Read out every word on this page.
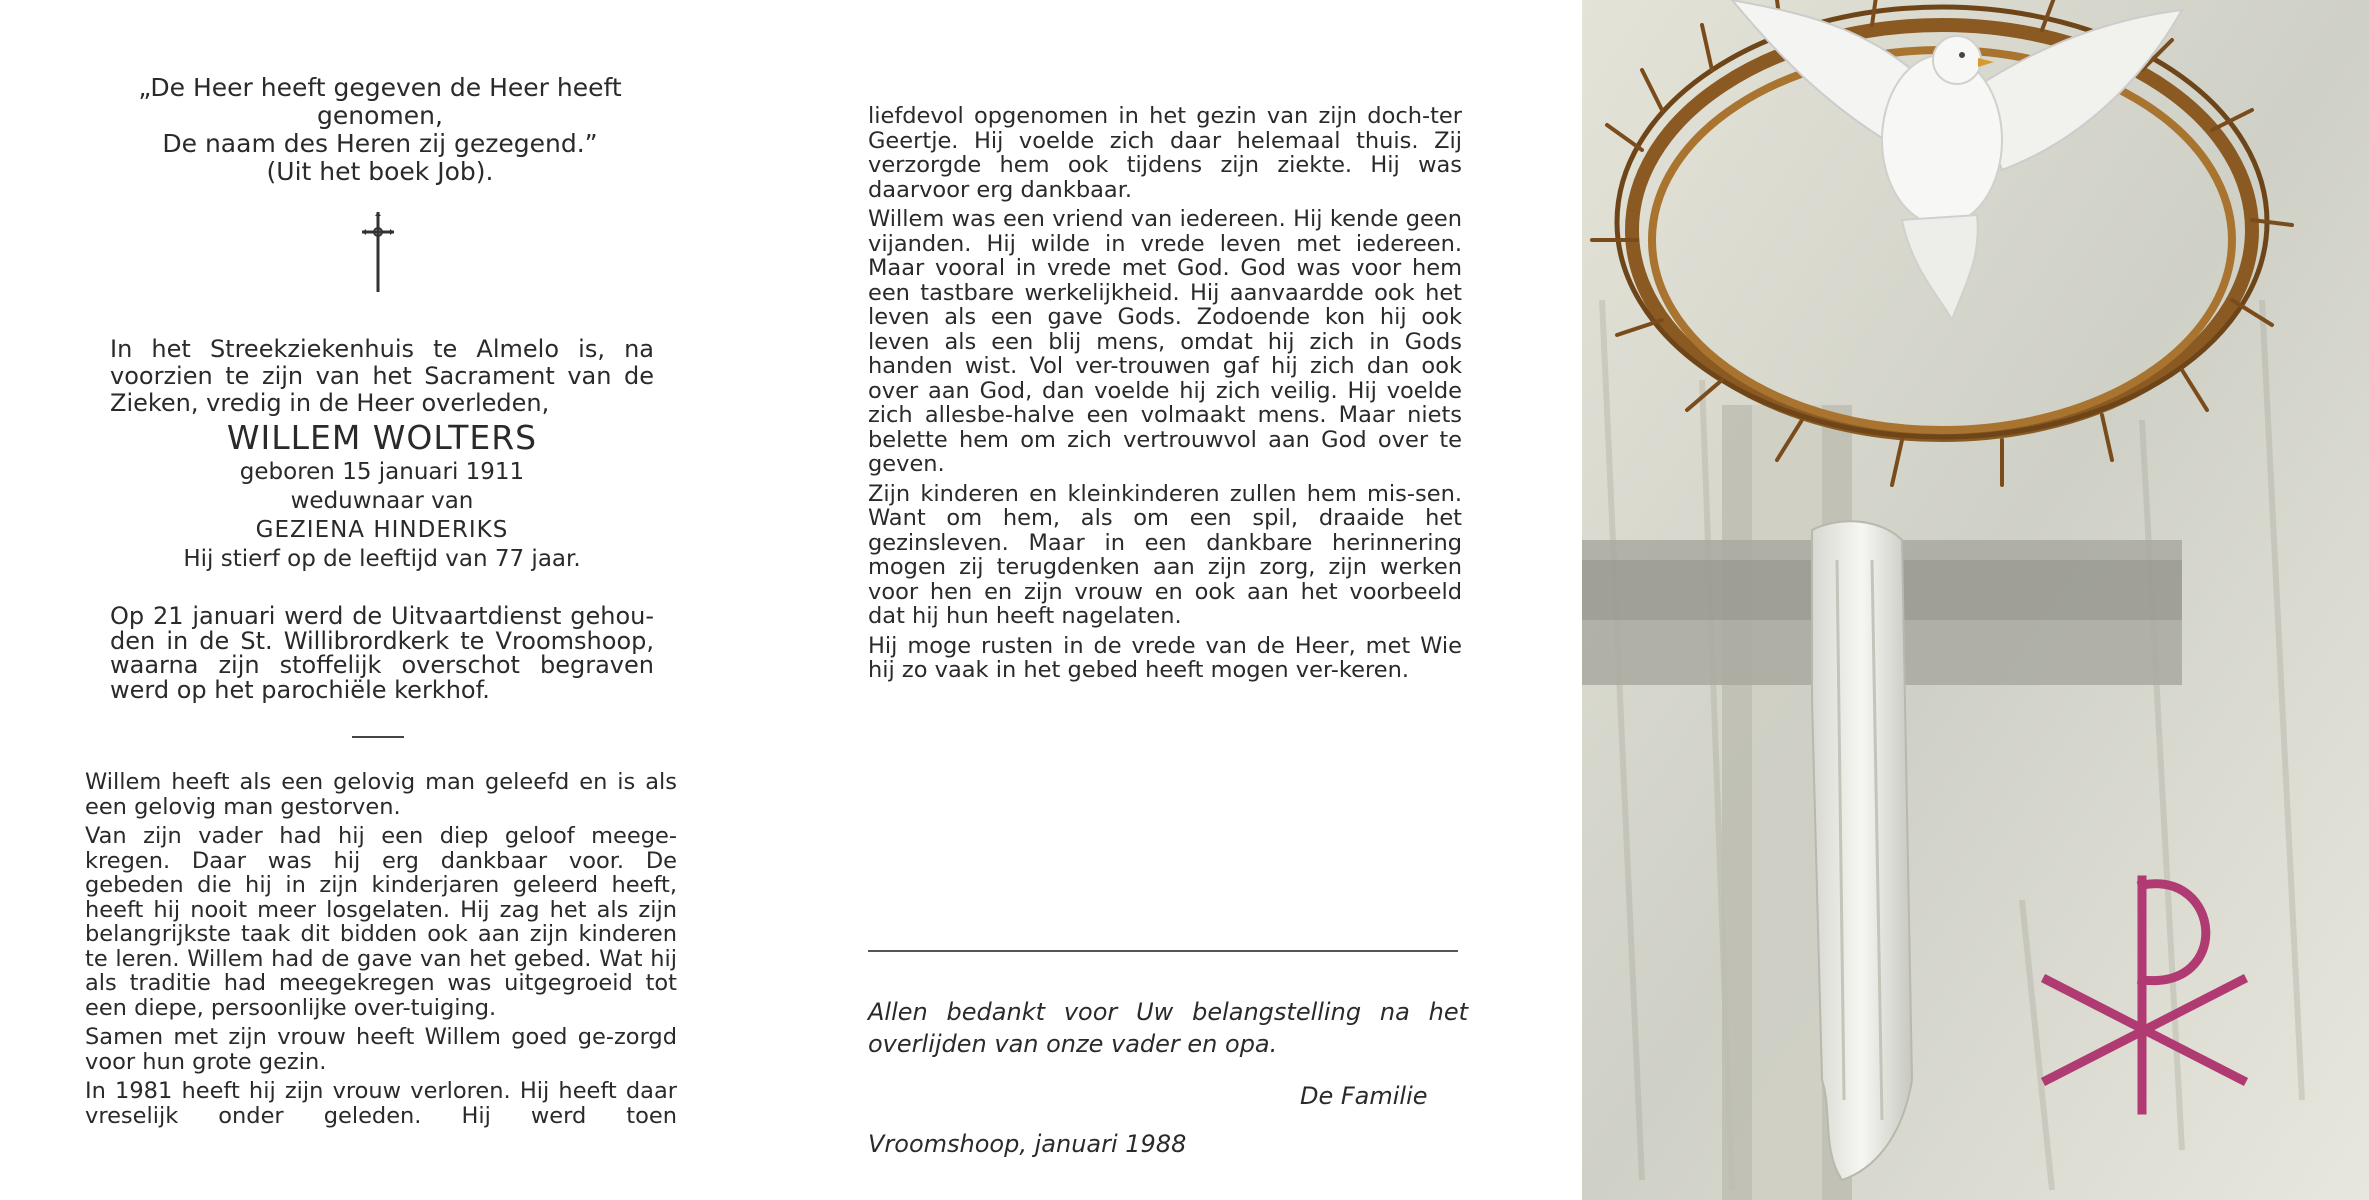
„De Heer heeft gegeven de Heer heeft genomen,
De naam des Heren zij gezegend.”
(Uit het boek Job).
In het Streekziekenhuis te Almelo is, na
voorzien te zijn van het Sacrament van de
Zieken, vredig in de Heer overleden,
WILLEM WOLTERS
geboren 15 januari 1911
weduwnaar van
GEZIENA HINDERIKS
Hij stierf op de leeftijd van 77 jaar.
Op 21 januari werd de Uitvaartdienst gehou-
den in de St. Willibrordkerk te Vroomshoop,
waarna zijn stoffelijk overschot begraven
werd op het parochiële kerkhof.

Willem heeft als een gelovig man geleefd en is als een gelovig man gestorven.

Van zijn vader had hij een diep geloof meege-kregen. Daar was hij erg dankbaar voor. De gebeden die hij in zijn kinderjaren geleerd heeft, heeft hij nooit meer losgelaten. Hij zag het als zijn belangrijkste taak dit bidden ook aan zijn kinderen te leren. Willem had de gave van het gebed. Wat hij als traditie had meegekregen was uitgegroeid tot een diepe, persoonlijke over-tuiging.

Samen met zijn vrouw heeft Willem goed ge-zorgd voor hun grote gezin.

In 1981 heeft hij zijn vrouw verloren. Hij heeft daar vreselijk onder geleden. Hij werd toen

liefdevol opgenomen in het gezin van zijn doch-ter Geertje. Hij voelde zich daar helemaal thuis. Zij verzorgde hem ook tijdens zijn ziekte. Hij was daarvoor erg dankbaar.

Willem was een vriend van iedereen. Hij kende geen vijanden. Hij wilde in vrede leven met iedereen. Maar vooral in vrede met God. God was voor hem een tastbare werkelijkheid. Hij aanvaardde ook het leven als een gave Gods. Zodoende kon hij ook leven als een blij mens, omdat hij zich in Gods handen wist. Vol ver-trouwen gaf hij zich dan ook over aan God, dan voelde hij zich veilig. Hij voelde zich allesbe-halve een volmaakt mens. Maar niets belette hem om zich vertrouwvol aan God over te geven.

Zijn kinderen en kleinkinderen zullen hem mis-sen. Want om hem, als om een spil, draaide het gezinsleven. Maar in een dankbare herinnering mogen zij terugdenken aan zijn zorg, zijn werken voor hen en zijn vrouw en ook aan het voorbeeld dat hij hun heeft nagelaten.

Hij moge rusten in de vrede van de Heer, met Wie hij zo vaak in het gebed heeft mogen ver-keren.

Allen bedankt voor Uw belangstelling na het
overlijden van onze vader en opa.
De Familie
Vroomshoop, januari 1988
